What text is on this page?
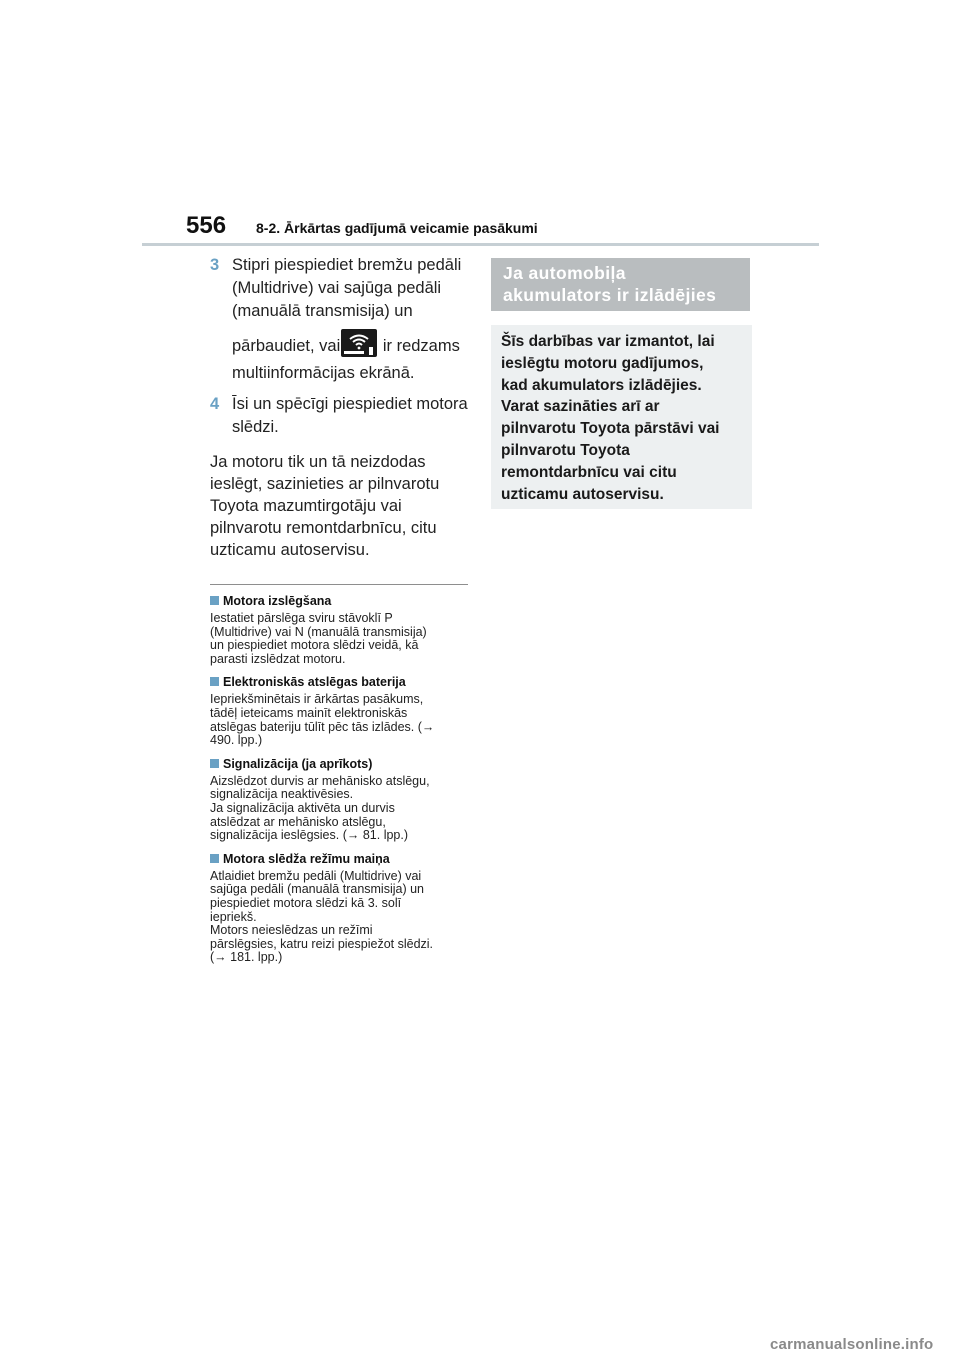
556 8-2. Ārkārtas gadījumā veicamie pasākumi
3 Stipri piespiediet bremžu pedāli
(Multidrive) vai sajūga pedāli
(manuālā transmisija) un
pārbaudiet, vai ir redzams
multiinformācijas ekrānā.
4 Īsi un spēcīgi piespiediet motora
slēdzi.
Ja motoru tik un tā neizdodas
ieslēgt, sazinieties ar pilnvarotu
Toyota mazumtirgotāju vai
pilnvarotu remontdarbnīcu, citu
uzticamu autoservisu.
Motora izslēgšana
Iestatiet pārslēga sviru stāvoklī P
(Multidrive) vai N (manuālā transmisija)
un piespiediet motora slēdzi veidā, kā
parasti izslēdzat motoru.
Elektroniskās atslēgas baterija
Iepriekšminētais ir ārkārtas pasākums,
tādēļ ieteicams mainīt elektroniskās
atslēgas bateriju tūlīt pēc tās izlādes. (→
490. lpp.)
Signalizācija (ja aprīkots)
Aizslēdzot durvis ar mehānisko atslēgu,
signalizācija neaktivēsies.
Ja signalizācija aktivēta un durvis
atslēdzat ar mehānisko atslēgu,
signalizācija ieslēgsies. (→ 81. lpp.)
Motora slēdža režīmu maiņa
Atlaidiet bremžu pedāli (Multidrive) vai
sajūga pedāli (manuālā transmisija) un
piespiediet motora slēdzi kā 3. solī
iepriekš.
Motors neieslēdzas un režīmi
pārslēgsies, katru reizi piespiežot slēdzi.
(→ 181. lpp.)
Ja automobiļa
akumulators ir izlādējies
Šīs darbības var izmantot, lai
ieslēgtu motoru gadījumos,
kad akumulators izlādējies.
Varat sazināties arī ar
pilnvarotu Toyota pārstāvi vai
pilnvarotu Toyota
remontdarbnīcu vai citu
uzticamu autoservisu.
carmanualsonline.info
